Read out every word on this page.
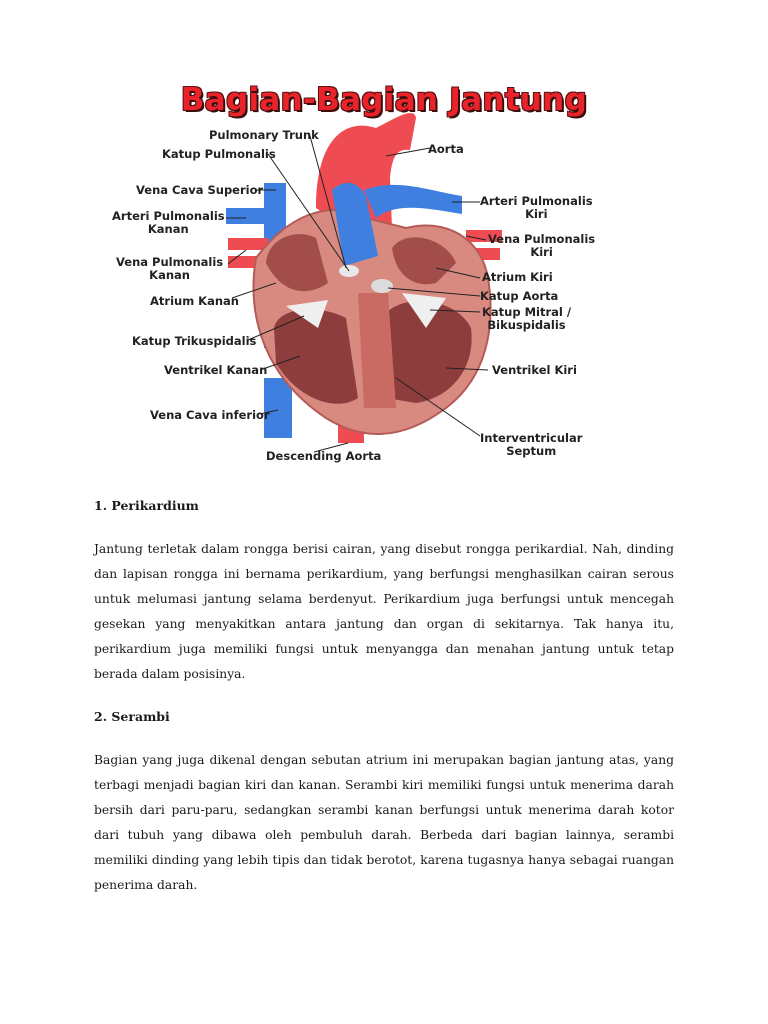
Bagian-Bagian Jantung
Pulmonary Trunk
Katup Pulmonalis
Vena Cava Superior
Arteri Pulmonalis
Kanan
Vena Pulmonalis
Kanan
Atrium Kanan
Katup Trikuspidalis
Ventrikel Kanan
Vena Cava inferior
Descending Aorta
Aorta
Arteri Pulmonalis
Kiri
Vena Pulmonalis
Kiri
Atrium Kiri
Katup Aorta
Katup Mitral /
Bikuspidalis
Ventrikel Kiri
Interventricular
Septum
1. Perikardium

Jantung terletak dalam rongga berisi cairan, yang disebut rongga perikardial. Nah, dinding dan lapisan rongga ini bernama perikardium, yang berfungsi menghasilkan cairan serous untuk melumasi jantung selama berdenyut. Perikardium juga berfungsi untuk mencegah gesekan yang menyakitkan antara jantung dan organ di sekitarnya. Tak hanya itu, perikardium juga memiliki fungsi untuk menyangga dan menahan jantung untuk tetap berada dalam posisinya.

2. Serambi

Bagian yang juga dikenal dengan sebutan atrium ini merupakan bagian jantung atas, yang terbagi menjadi bagian kiri dan kanan. Serambi kiri memiliki fungsi untuk menerima darah bersih dari paru-paru, sedangkan serambi kanan berfungsi untuk menerima darah kotor dari tubuh yang dibawa oleh pembuluh darah. Berbeda dari bagian lainnya, serambi memiliki dinding yang lebih tipis dan tidak berotot, karena tugasnya hanya sebagai ruangan penerima darah.
